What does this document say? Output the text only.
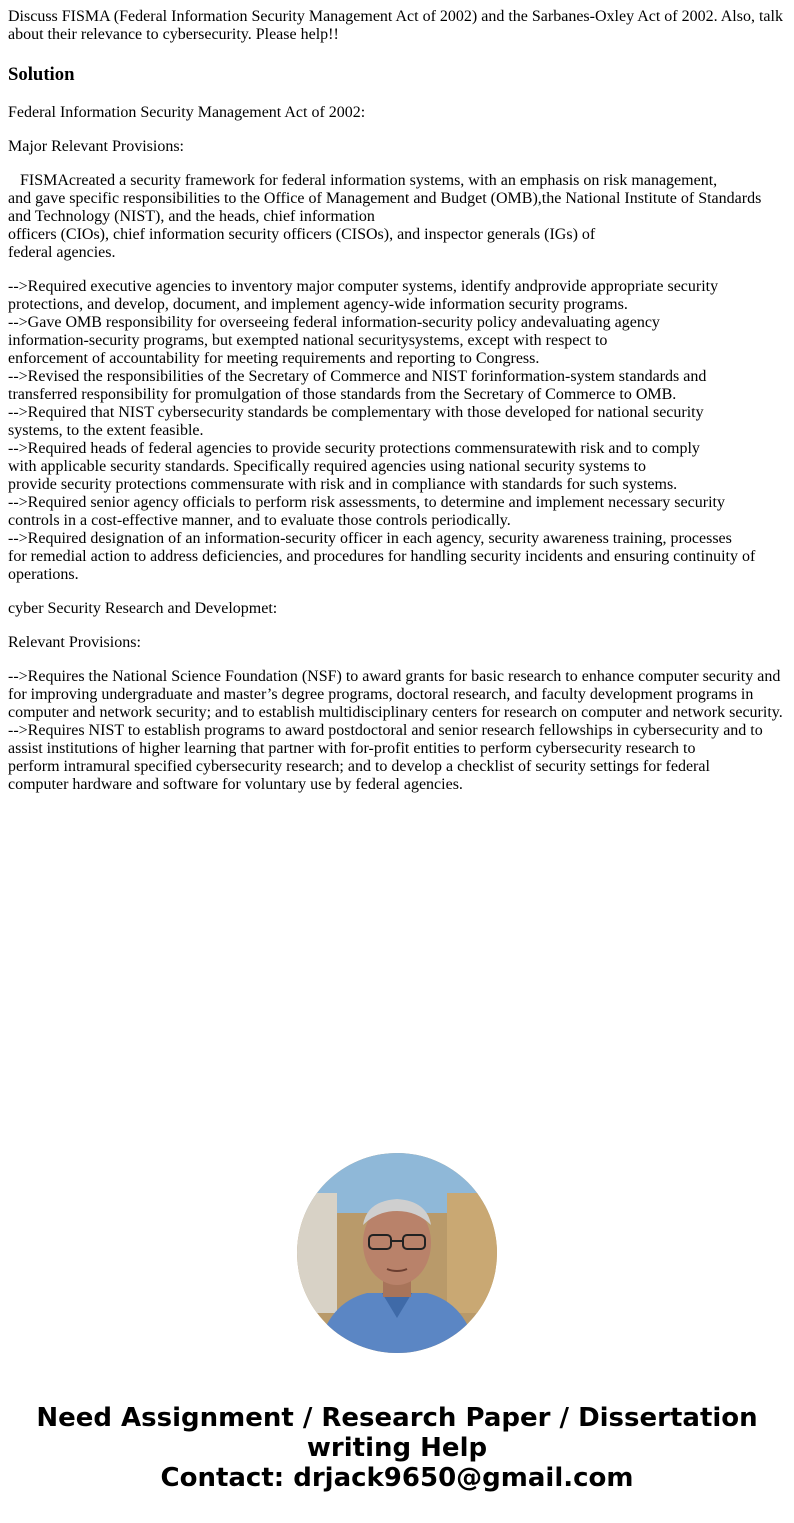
Discuss FISMA (Federal Information Security Management Act of 2002) and the Sarbanes-Oxley Act of 2002. Also, talk about their relevance to cybersecurity. Please help!!

Solution

Federal Information Security Management Act of 2002:

Major Relevant Provisions:

FISMAcreated a security framework for federal information systems, with an emphasis on risk management,
and gave specific responsibilities to the Office of Management and Budget (OMB),the National Institute of Standards and Technology (NIST), and the heads, chief information
officers (CIOs), chief information security officers (CISOs), and inspector generals (IGs) of
federal agencies.

-->Required executive agencies to inventory major computer systems, identify andprovide appropriate security protections, and develop, document, and implement agency-wide information security programs.
-->Gave OMB responsibility for overseeing federal information-security policy andevaluating agency
information-security programs, but exempted national securitysystems, except with respect to
enforcement of accountability for meeting requirements and reporting to Congress.
-->Revised the responsibilities of the Secretary of Commerce and NIST forinformation-system standards and
transferred responsibility for promulgation of those standards from the Secretary of Commerce to OMB.
-->Required that NIST cybersecurity standards be complementary with those developed for national security
systems, to the extent feasible.
-->Required heads of federal agencies to provide security protections commensuratewith risk and to comply
with applicable security standards. Specifically required agencies using national security systems to
provide security protections commensurate with risk and in compliance with standards for such systems.
-->Required senior agency officials to perform risk assessments, to determine and implement necessary security
controls in a cost-effective manner, and to evaluate those controls periodically.
-->Required designation of an information-security officer in each agency, security awareness training, processes
for remedial action to address deficiencies, and procedures for handling security incidents and ensuring continuity of operations.

cyber Security Research and Developmet:

Relevant Provisions:

-->Requires the National Science Foundation (NSF) to award grants for basic research to enhance computer security and for improving undergraduate and master’s degree programs, doctoral research, and faculty development programs in computer and network security; and to establish multidisciplinary centers for research on computer and network security.
-->Requires NIST to establish programs to award postdoctoral and senior research fellowships in cybersecurity and to assist institutions of higher learning that partner with for-profit entities to perform cybersecurity research to
perform intramural specified cybersecurity research; and to develop a checklist of security settings for federal
computer hardware and software for voluntary use by federal agencies.

Need Assignment / Research Paper / Dissertation
writing Help
Contact: drjack9650@gmail.com
